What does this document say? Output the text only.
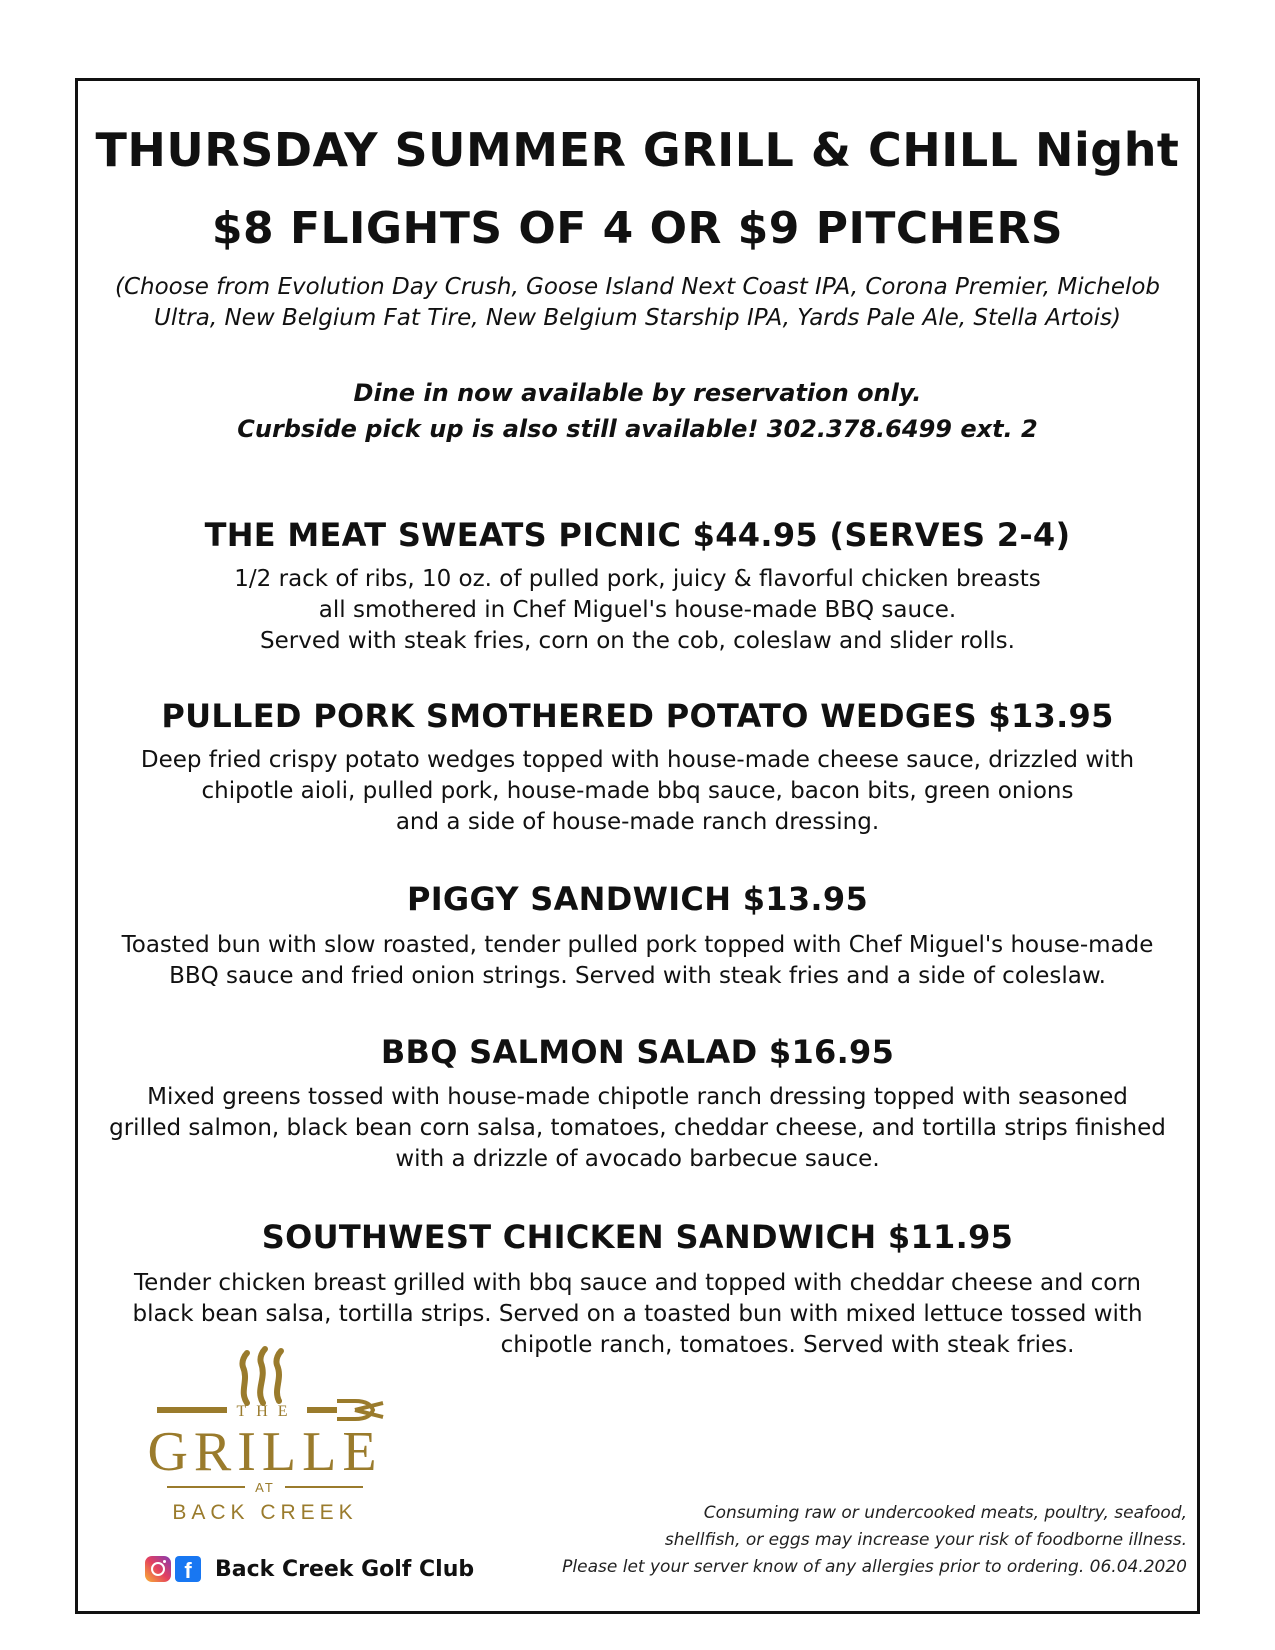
THURSDAY SUMMER GRILL & CHILL Night
$8 FLIGHTS OF 4 OR $9 PITCHERS
(Choose from Evolution Day Crush, Goose Island Next Coast IPA, Corona Premier, Michelob
Ultra, New Belgium Fat Tire, New Belgium Starship IPA, Yards Pale Ale, Stella Artois)
Dine in now available by reservation only.
Curbside pick up is also still available! 302.378.6499 ext. 2
THE MEAT SWEATS PICNIC $44.95 (SERVES 2-4)
1/2 rack of ribs, 10 oz. of pulled pork, juicy & flavorful chicken breasts
all smothered in Chef Miguel's house-made BBQ sauce.
Served with steak fries, corn on the cob, coleslaw and slider rolls.
PULLED PORK SMOTHERED POTATO WEDGES $13.95
Deep fried crispy potato wedges topped with house-made cheese sauce, drizzled with
chipotle aioli, pulled pork, house-made bbq sauce, bacon bits, green onions
and a side of house-made ranch dressing.
PIGGY SANDWICH $13.95
Toasted bun with slow roasted, tender pulled pork topped with Chef Miguel's house-made
BBQ sauce and fried onion strings. Served with steak fries and a side of coleslaw.
BBQ SALMON SALAD $16.95
Mixed greens tossed with house-made chipotle ranch dressing topped with seasoned
grilled salmon, black bean corn salsa, tomatoes, cheddar cheese, and tortilla strips finished
with a drizzle of avocado barbecue sauce.
SOUTHWEST CHICKEN SANDWICH $11.95
Tender chicken breast grilled with bbq sauce and topped with cheddar cheese and corn
black bean salsa, tortilla strips. Served on a toasted bun with mixed lettuce tossed with
chipotle ranch, tomatoes. Served with steak fries.
THE
GRILLE
AT
BACK CREEK
f	Back Creek Golf Club
Consuming raw or undercooked meats, poultry, seafood,
shellfish, or eggs may increase your risk of foodborne illness.
Please let your server know of any allergies prior to ordering. 06.04.2020
